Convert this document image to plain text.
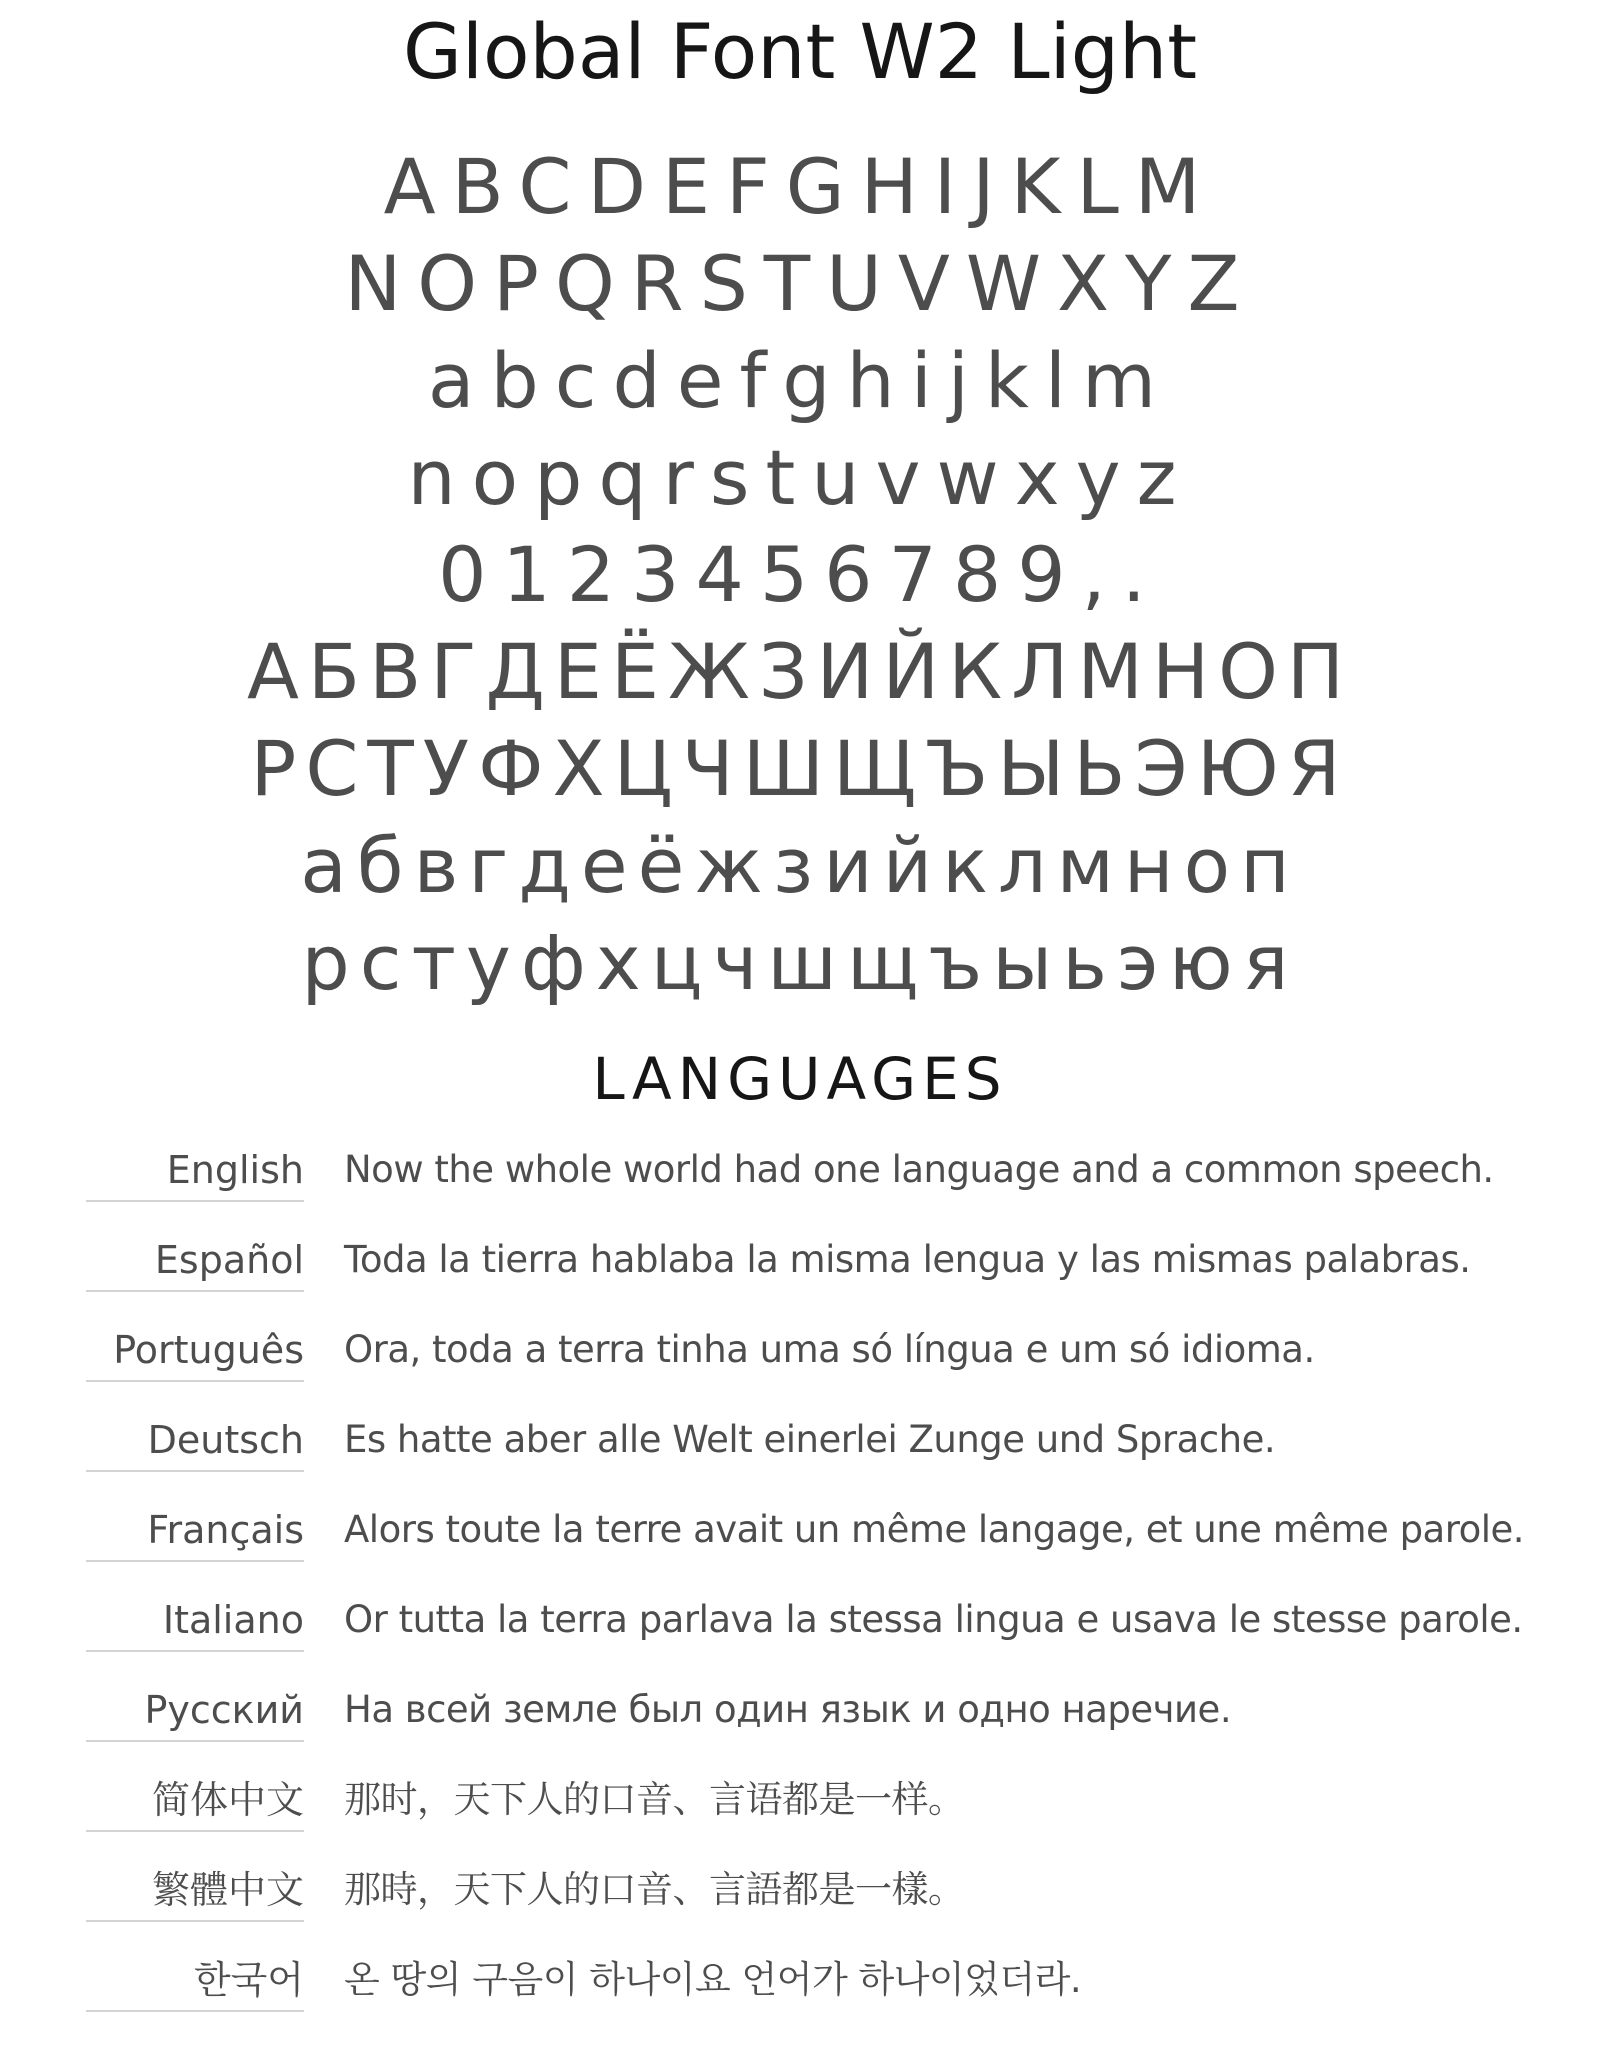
Global Font W2 Light
ABCDEFGHIJKLM
NOPQRSTUVWXYZ
abcdefghijklm
nopqrstuvwxyz
0123456789,.
АБВГДЕЁЖЗИЙКЛМНОП
РСТУФХЦЧШЩЪЫЬЭЮЯ
абвгдеёжзийклмноп
рстуфхцчшщъыьэюя
LANGUAGES
English Now the whole world had one language and a common speech.
Español Toda la tierra hablaba la misma lengua y las mismas palabras.
Português Ora, toda a terra tinha uma só língua e um só idioma.
Deutsch Es hatte aber alle Welt einerlei Zunge und Sprache.
Français Alors toute la terre avait un même langage, et une même parole.
Italiano Or tutta la terra parlava la stessa lingua e usava le stesse parole.
Русский На всей земле был один язык и одно наречие.
简体中文 那时，天下人的口音、言语都是一样。
繁體中文 那時，天下人的口音、言語都是一樣。
한국어 온 땅의 구음이 하나이요 언어가 하나이었더라.
